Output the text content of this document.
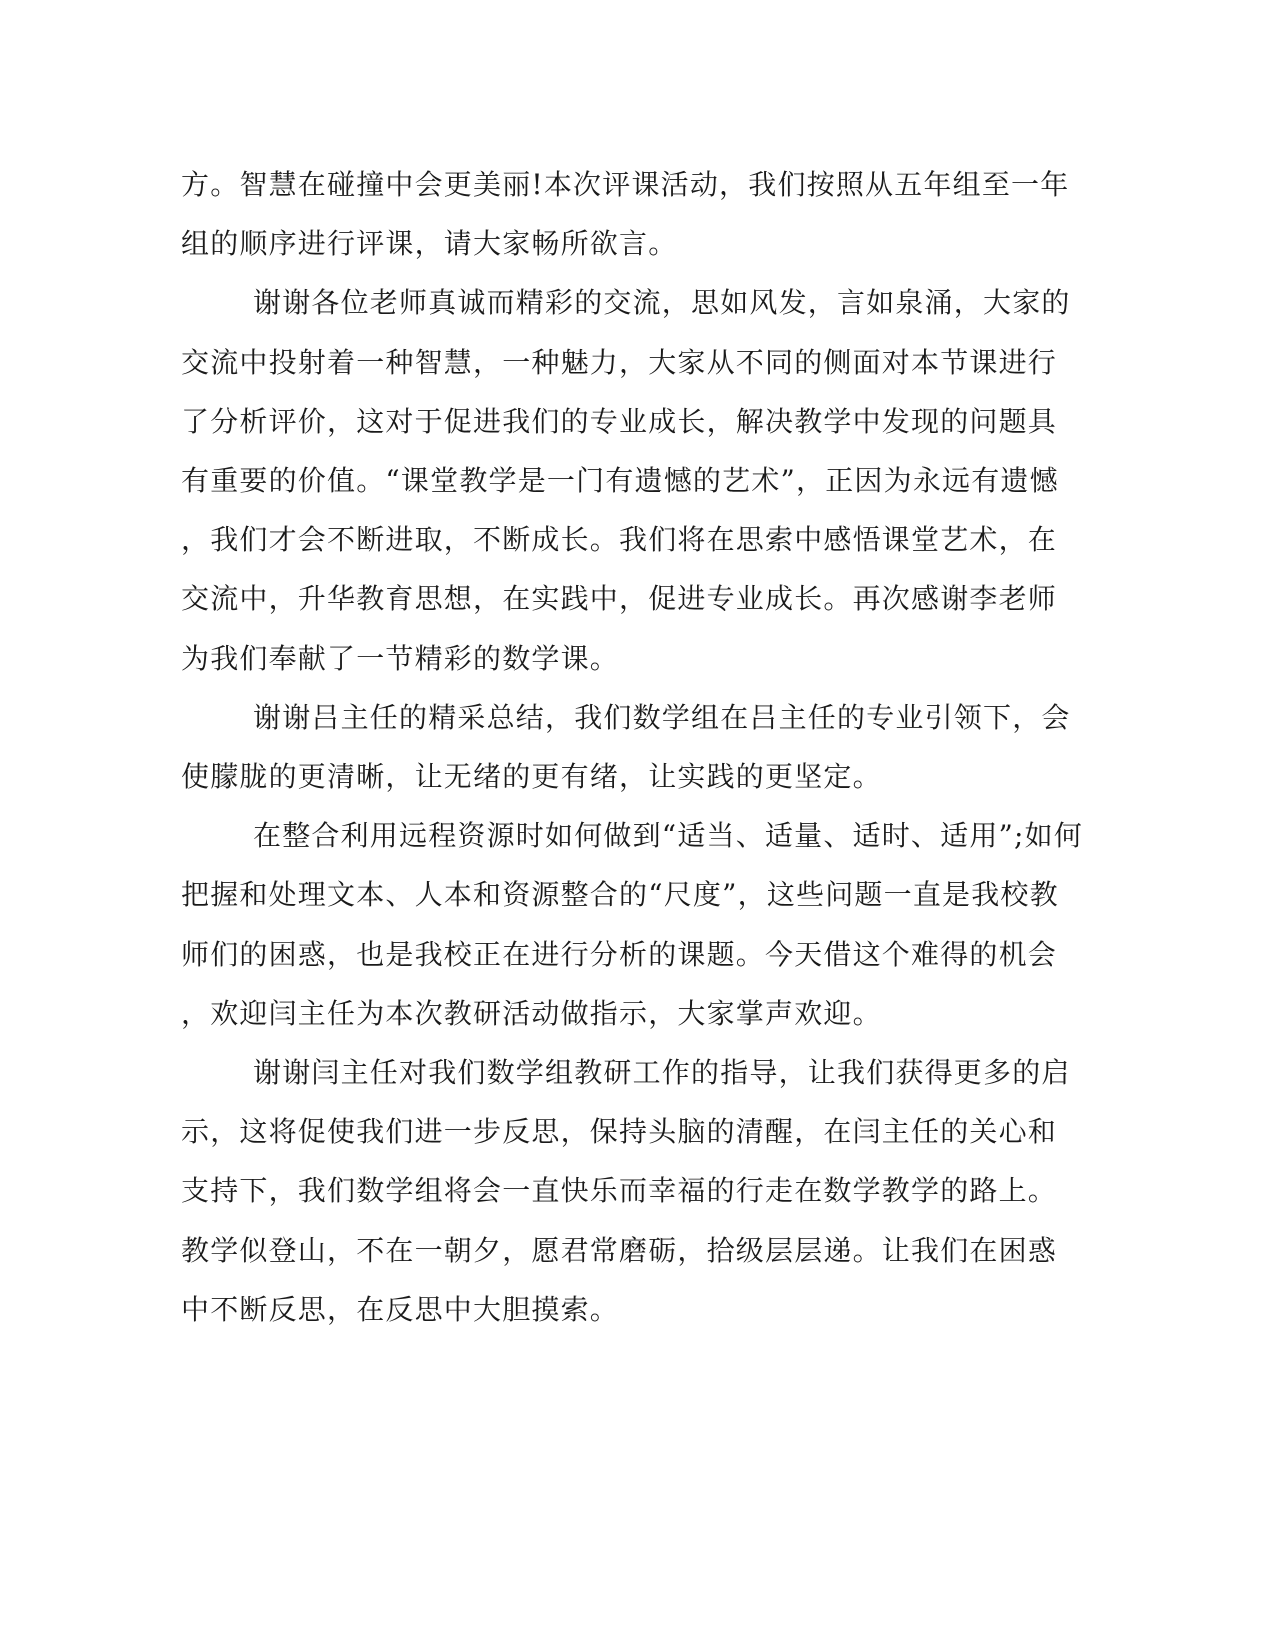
方。智慧在碰撞中会更美丽!本次评课活动，我们按照从五年组至一年
组的顺序进行评课，请大家畅所欲言。

谢谢各位老师真诚而精彩的交流，思如风发，言如泉涌，大家的
交流中投射着一种智慧，一种魅力，大家从不同的侧面对本节课进行
了分析评价，这对于促进我们的专业成长，解决教学中发现的问题具
有重要的价值。“课堂教学是一门有遗憾的艺术”，正因为永远有遗憾
，我们才会不断进取，不断成长。我们将在思索中感悟课堂艺术，在
交流中，升华教育思想，在实践中，促进专业成长。再次感谢李老师
为我们奉献了一节精彩的数学课。

谢谢吕主任的精采总结，我们数学组在吕主任的专业引领下，会
使朦胧的更清晰，让无绪的更有绪，让实践的更坚定。

在整合利用远程资源时如何做到“适当、适量、适时、适用”;如何
把握和处理文本、人本和资源整合的“尺度”，这些问题一直是我校教
师们的困惑，也是我校正在进行分析的课题。今天借这个难得的机会
，欢迎闫主任为本次教研活动做指示，大家掌声欢迎。

谢谢闫主任对我们数学组教研工作的指导，让我们获得更多的启
示，这将促使我们进一步反思，保持头脑的清醒，在闫主任的关心和
支持下，我们数学组将会一直快乐而幸福的行走在数学教学的路上。
教学似登山，不在一朝夕，愿君常磨砺，拾级层层递。让我们在困惑
中不断反思，在反思中大胆摸索。
